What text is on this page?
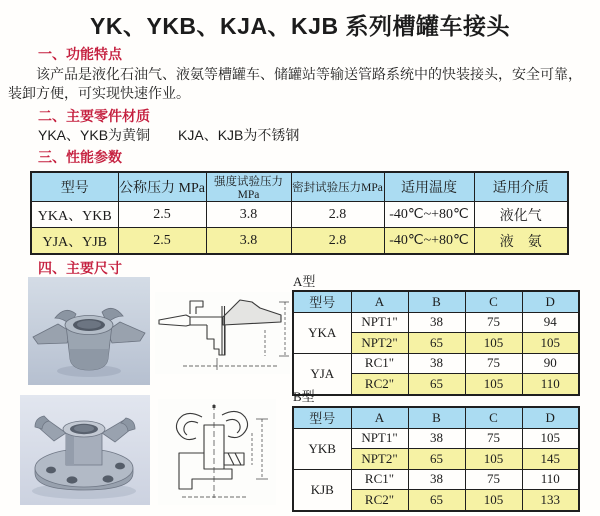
YK、YKB、KJA、KJB 系列槽罐车接头
一、功能特点
该产品是液化石油气、液氨等槽罐车、储罐站等输送管路系统中的快装接头，安全可靠，装卸方便，可实现快速作业。
二、主要零件材质
YKA、YKB为黄铜　　KJA、KJB为不锈钢
三、性能参数
型号	公称压力 MPa	强度试验压力MPa	密封试验压力MPa	适用温度	适用介质
YKA、YKB	2.5	3.8	2.8	-40℃~+80℃	液化气
YJA、YJB	2.5	3.8	2.8	-40℃~+80℃	液　氨
四、主要尺寸
A型
型号	A	B	C	D
YKA	NPT1"	38	75	94
	NPT2"	65	105	105
YJA	RC1"	38	75	90
	RC2"	65	105	110
B型
型号	A	B	C	D
YKB	NPT1"	38	75	105
	NPT2"	65	105	145
KJB	RC1"	38	75	110
	RC2"	65	105	133
